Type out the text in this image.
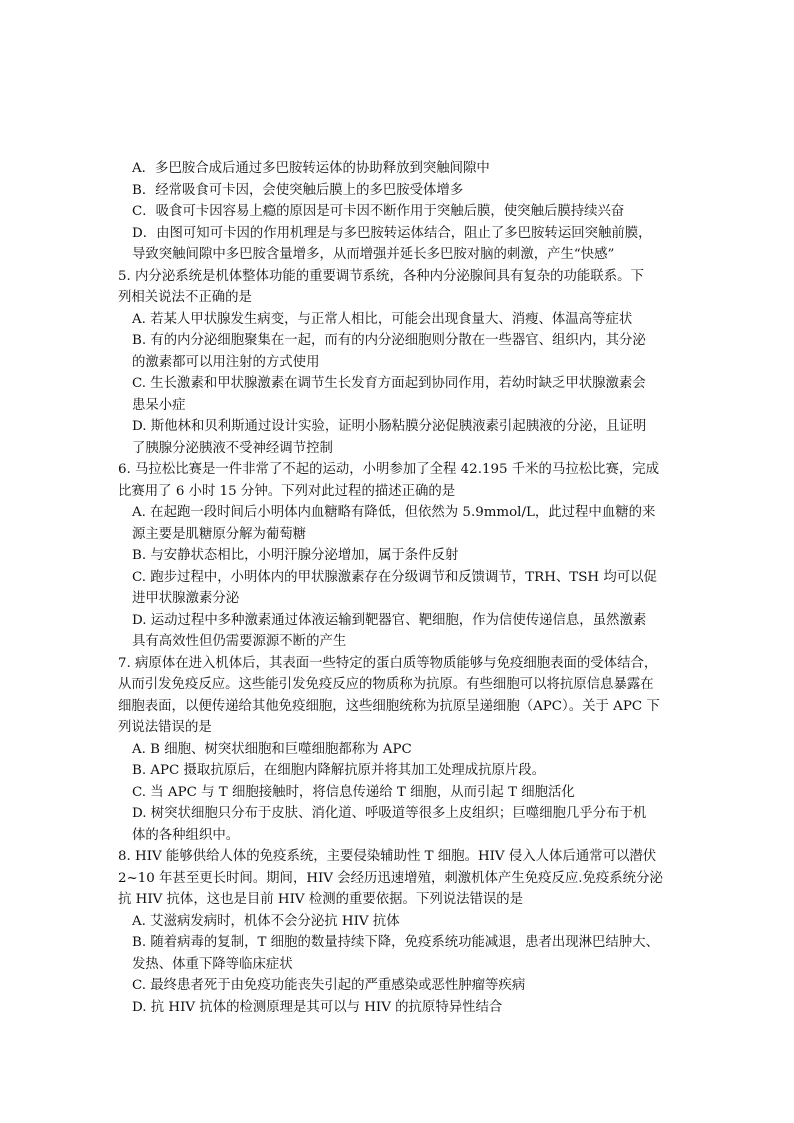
A．多巴胺合成后通过多巴胺转运体的协助释放到突触间隙中
B．经常吸食可卡因，会使突触后膜上的多巴胺受体增多
C．吸食可卡因容易上瘾的原因是可卡因不断作用于突触后膜，使突触后膜持续兴奋
D．由图可知可卡因的作用机理是与多巴胺转运体结合，阻止了多巴胺转运回突触前膜，
导致突触间隙中多巴胺含量增多，从而增强并延长多巴胺对脑的刺激，产生“快感”
5. 内分泌系统是机体整体功能的重要调节系统，各种内分泌腺间具有复杂的功能联系。下
列相关说法不正确的是
A. 若某人甲状腺发生病变，与正常人相比，可能会出现食量大、消瘦、体温高等症状
B. 有的内分泌细胞聚集在一起，而有的内分泌细胞则分散在一些器官、组织内，其分泌
的激素都可以用注射的方式使用
C. 生长激素和甲状腺激素在调节生长发育方面起到协同作用，若幼时缺乏甲状腺激素会
患呆小症
D. 斯他林和贝利斯通过设计实验，证明小肠粘膜分泌促胰液素引起胰液的分泌，且证明
了胰腺分泌胰液不受神经调节控制
6. 马拉松比赛是一件非常了不起的运动，小明参加了全程 42.195 千米的马拉松比赛，完成
比赛用了 6 小时 15 分钟。下列对此过程的描述正确的是
A. 在起跑一段时间后小明体内血糖略有降低，但依然为 5.9mmol/L，此过程中血糖的来
源主要是肌糖原分解为葡萄糖
B. 与安静状态相比，小明汗腺分泌增加，属于条件反射
C. 跑步过程中，小明体内的甲状腺激素存在分级调节和反馈调节，TRH、TSH 均可以促
进甲状腺激素分泌
D. 运动过程中多种激素通过体液运输到靶器官、靶细胞，作为信使传递信息，虽然激素
具有高效性但仍需要源源不断的产生
7. 病原体在进入机体后，其表面一些特定的蛋白质等物质能够与免疫细胞表面的受体结合，
从而引发免疫反应。这些能引发免疫反应的物质称为抗原。有些细胞可以将抗原信息暴露在
细胞表面，以便传递给其他免疫细胞，这些细胞统称为抗原呈递细胞（APC）。关于 APC 下
列说法错误的是
A. B 细胞、树突状细胞和巨噬细胞都称为 APC
B. APC 摄取抗原后，在细胞内降解抗原并将其加工处理成抗原片段。
C. 当 APC 与 T 细胞接触时，将信息传递给 T 细胞，从而引起 T 细胞活化
D. 树突状细胞只分布于皮肤、消化道、呼吸道等很多上皮组织；巨噬细胞几乎分布于机
体的各种组织中。
8. HIV 能够供给人体的免疫系统，主要侵染辅助性 T 细胞。HIV 侵入人体后通常可以潜伏
2~10 年甚至更长时间。期间，HIV 会经历迅速增殖，刺激机体产生免疫反应.免疫系统分泌
抗 HIV 抗体，这也是目前 HIV 检测的重要依据。下列说法错误的是
A. 艾滋病发病时，机体不会分泌抗 HIV 抗体
B. 随着病毒的复制，T 细胞的数量持续下降，免疫系统功能减退，患者出现淋巴结肿大、
发热、体重下降等临床症状
C. 最终患者死于由免疫功能丧失引起的严重感染或恶性肿瘤等疾病
D. 抗 HIV 抗体的检测原理是其可以与 HIV 的抗原特异性结合
